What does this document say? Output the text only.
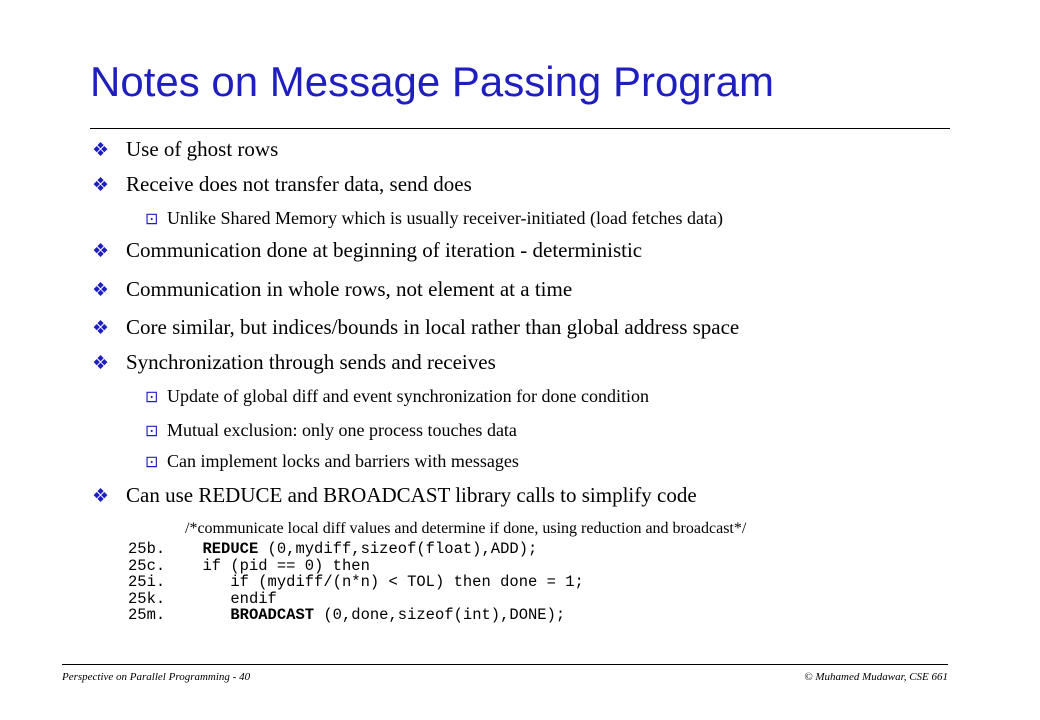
Notes on Message Passing Program
❖ Use of ghost rows
❖ Receive does not transfer data, send does
⊡ Unlike Shared Memory which is usually receiver-initiated (load fetches data)
❖ Communication done at beginning of iteration - deterministic
❖ Communication in whole rows, not element at a time
❖ Core similar, but indices/bounds in local rather than global address space
❖ Synchronization through sends and receives
⊡ Update of global diff and event synchronization for done condition
⊡ Mutual exclusion: only one process touches data
⊡ Can implement locks and barriers with messages
❖ Can use REDUCE and BROADCAST library calls to simplify code
/*communicate local diff values and determine if done, using reduction and broadcast*/
25b. REDUCE (0,mydiff,sizeof(float),ADD);
25c. if (pid == 0) then
25i.	if (mydiff/(n*n) < TOL) then done = 1;
25k.	endif
25m.	BROADCAST (0,done,sizeof(int),DONE);
Perspective on Parallel Programming - 40	© Muhamed Mudawar, CSE 661
